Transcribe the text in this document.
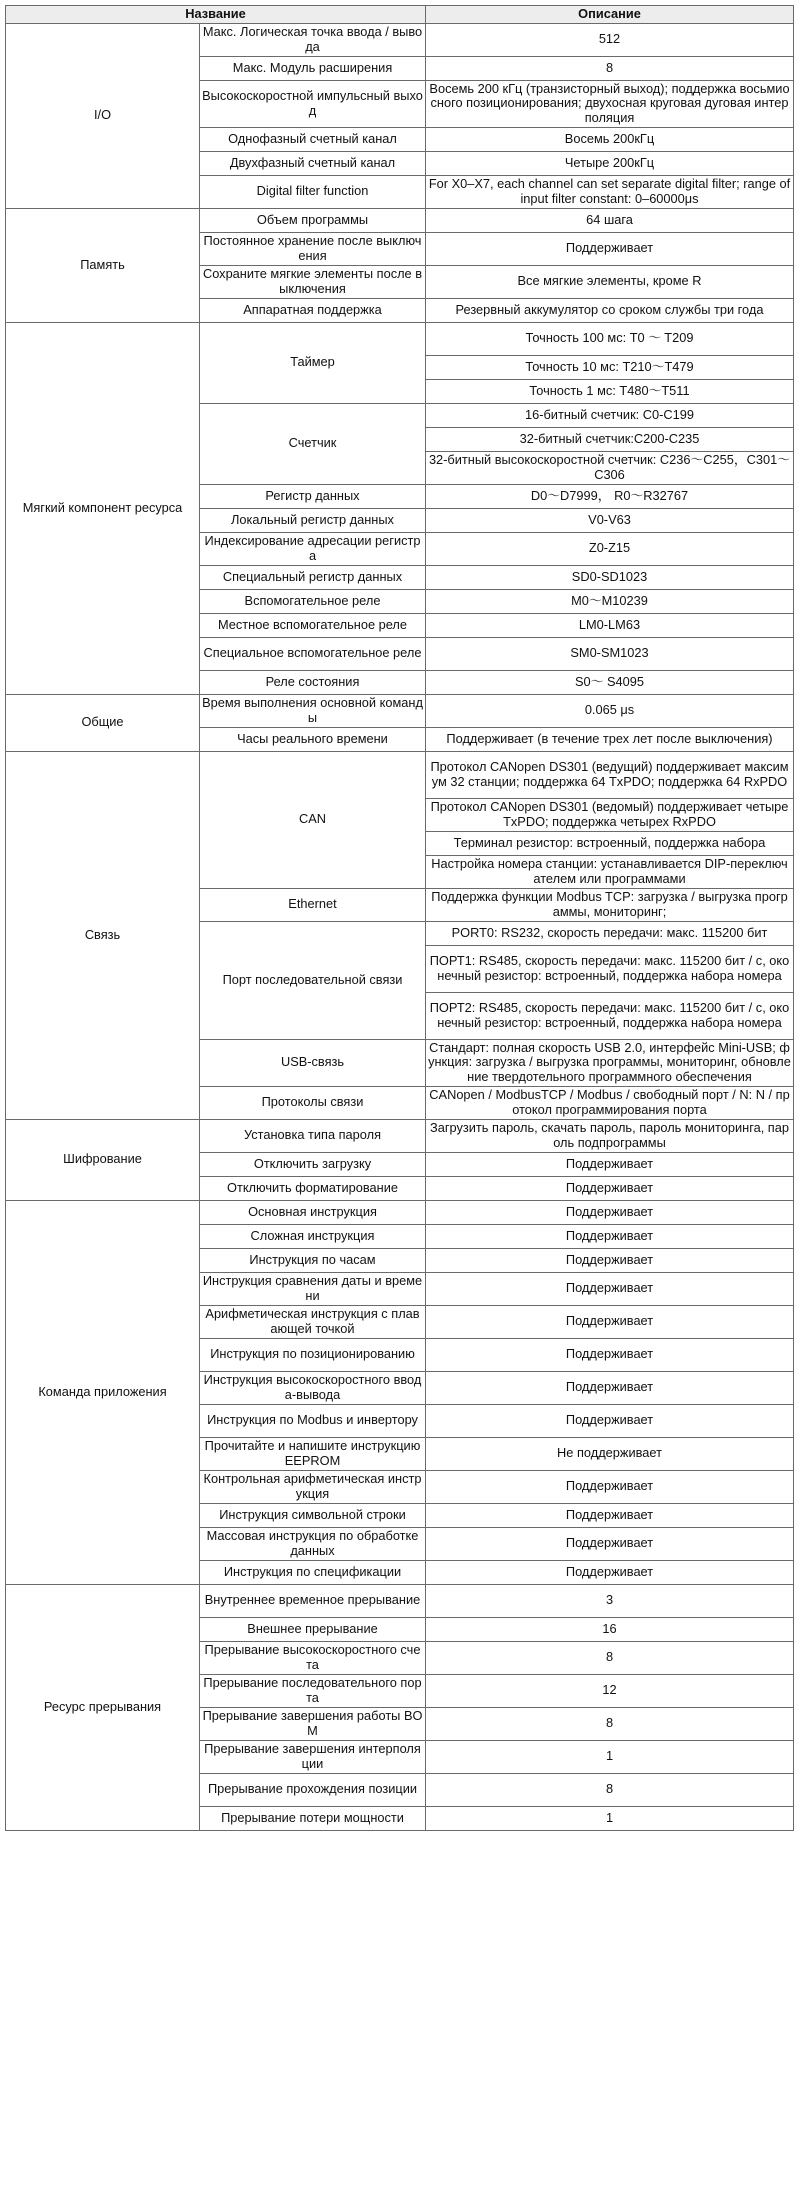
Название		Описание
I/O	Макс. Логическая точка ввода / вывода	512
	Макс. Модуль расширения	8
	Высокоскоростной импульсный выход	Восемь 200 кГц (транзисторный выход); поддержка восьмиосного позиционирования; двухосная круговая дуговая интерполяция
	Однофазный счетный канал	Восемь 200кГц
	Двухфазный счетный канал	Четыре 200кГц
	Digital filter function	For X0–X7, each channel can set separate digital filter; range of input filter constant: 0–60000μs
Память	Объем программы	64 шага
	Постоянное хранение после выключения	Поддерживает
	Сохраните мягкие элементы после выключения	Все мягкие элементы, кроме R
	Аппаратная поддержка	Резервный аккумулятор со сроком службы три года
Мягкий компонент ресурса	Таймер	Точность 100 мс: T0 ～ T209
		Точность 10 мс: T210～T479
		Точность 1 мс: T480～T511
	Счетчик	16-битный счетчик: C0-C199
		32-битный счетчик:C200-C235
		32-битный высокоскоростной счетчик: C236～C255，C301～C306
	Регистр данных	D0～D7999， R0～R32767
	Локальный регистр данных	V0-V63
	Индексирование адресации регистра	Z0-Z15
	Специальный регистр данных	SD0-SD1023
	Вспомогательное реле	M0～M10239
	Местное вспомогательное реле	LM0-LM63
	Специальное вспомогательное реле	SM0-SM1023
	Реле состояния	S0～ S4095
Общие	Время выполнения основной команды	0.065 μs
	Часы реального времени	Поддерживает (в течение трех лет после выключения)
Связь	CAN	Протокол CANopen DS301 (ведущий) поддерживает максимум 32 станции; поддержка 64 TxPDO; поддержка 64 RxPDO
		Протокол CANopen DS301 (ведомый) поддерживает четыре TxPDO; поддержка четырех RxPDO
		Терминал резистор: встроенный, поддержка набора
		Настройка номера станции: устанавливается DIP-переключателем или программами
	Ethernet	Поддержка функции Modbus TCP: загрузка / выгрузка программы, мониторинг;
	Порт последовательной связи	PORT0: RS232, скорость передачи: макс. 115200 бит
		ПОРТ1: RS485, скорость передачи: макс. 115200 бит / с, оконечный резистор: встроенный, поддержка набора номера
		ПОРТ2: RS485, скорость передачи: макс. 115200 бит / с, оконечный резистор: встроенный, поддержка набора номера
	USB-связь	Стандарт: полная скорость USB 2.0, интерфейс Mini-USB; функция: загрузка / выгрузка программы, мониторинг, обновление твердотельного программного обеспечения
	Протоколы связи	CANopen / ModbusTCP / Modbus / свободный порт / N: N / протокол программирования порта
Шифрование	Установка типа пароля	Загрузить пароль, скачать пароль, пароль мониторинга, пароль подпрограммы
	Отключить загрузку	Поддерживает
	Отключить форматирование	Поддерживает
Команда приложения	Основная инструкция	Поддерживает
	Сложная инструкция	Поддерживает
	Инструкция по часам	Поддерживает
	Инструкция сравнения даты и времени	Поддерживает
	Арифметическая инструкция с плавающей точкой	Поддерживает
	Инструкция по позиционированию	Поддерживает
	Инструкция высокоскоростного ввода-вывода	Поддерживает
	Инструкция по Modbus и инвертору	Поддерживает
	Прочитайте и напишите инструкцию EEPROM	Не поддерживает
	Контрольная арифметическая инструкция	Поддерживает
	Инструкция символьной строки	Поддерживает
	Массовая инструкция по обработке данных	Поддерживает
	Инструкция по спецификации	Поддерживает
Ресурс прерывания	Внутреннее временное прерывание	3
	Внешнее прерывание	16
	Прерывание высокоскоростного счета	8
	Прерывание последовательного порта	12
	Прерывание завершения работы BOM	8
	Прерывание завершения интерполяции	1
	Прерывание прохождения позиции	8
	Прерывание потери мощности	1
